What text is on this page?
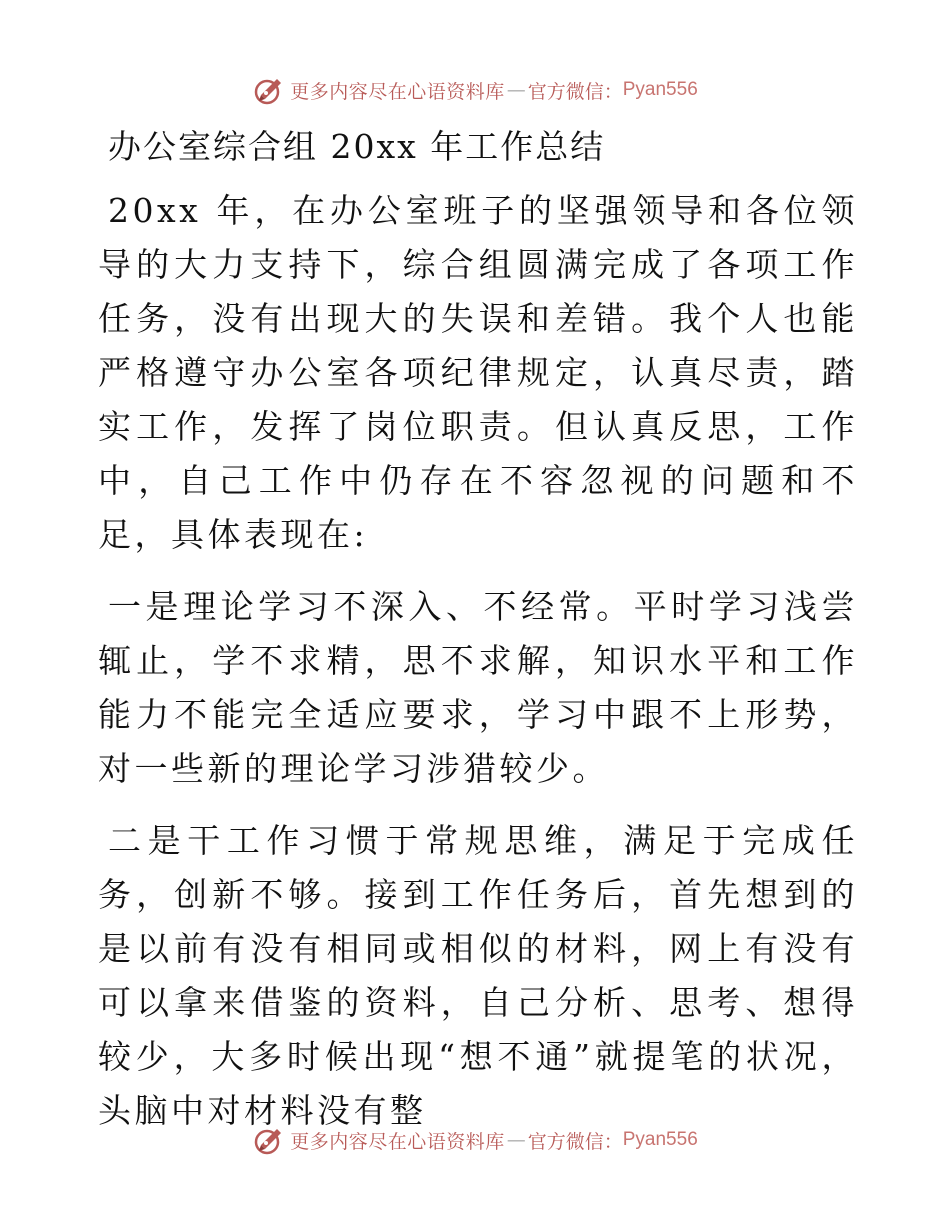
更多内容尽在心语资料库 — 官方微信： Pyan556
办公室综合组 20xx 年工作总结

20xx 年，在办公室班子的坚强领导和各位领导的大力支持下，综合组圆满完成了各项工作任务，没有出现大的失误和差错。我个人也能严格遵守办公室各项纪律规定，认真尽责，踏实工作，发挥了岗位职责。但认真反思，工作中，自己工作中仍存在不容忽视的问题和不足，具体表现在:

一是理论学习不深入、不经常。平时学习浅尝辄止，学不求精，思不求解，知识水平和工作能力不能完全适应要求，学习中跟不上形势，对一些新的理论学习涉猎较少。

二是干工作习惯于常规思维，满足于完成任务，创新不够。接到工作任务后，首先想到的是以前有没有相同或相似的材料，网上有没有可以拿来借鉴的资料，自己分析、思考、想得较少，大多时候出现“想不通”就提笔的状况，头脑中对材料没有整

更多内容尽在心语资料库 — 官方微信： Pyan556
